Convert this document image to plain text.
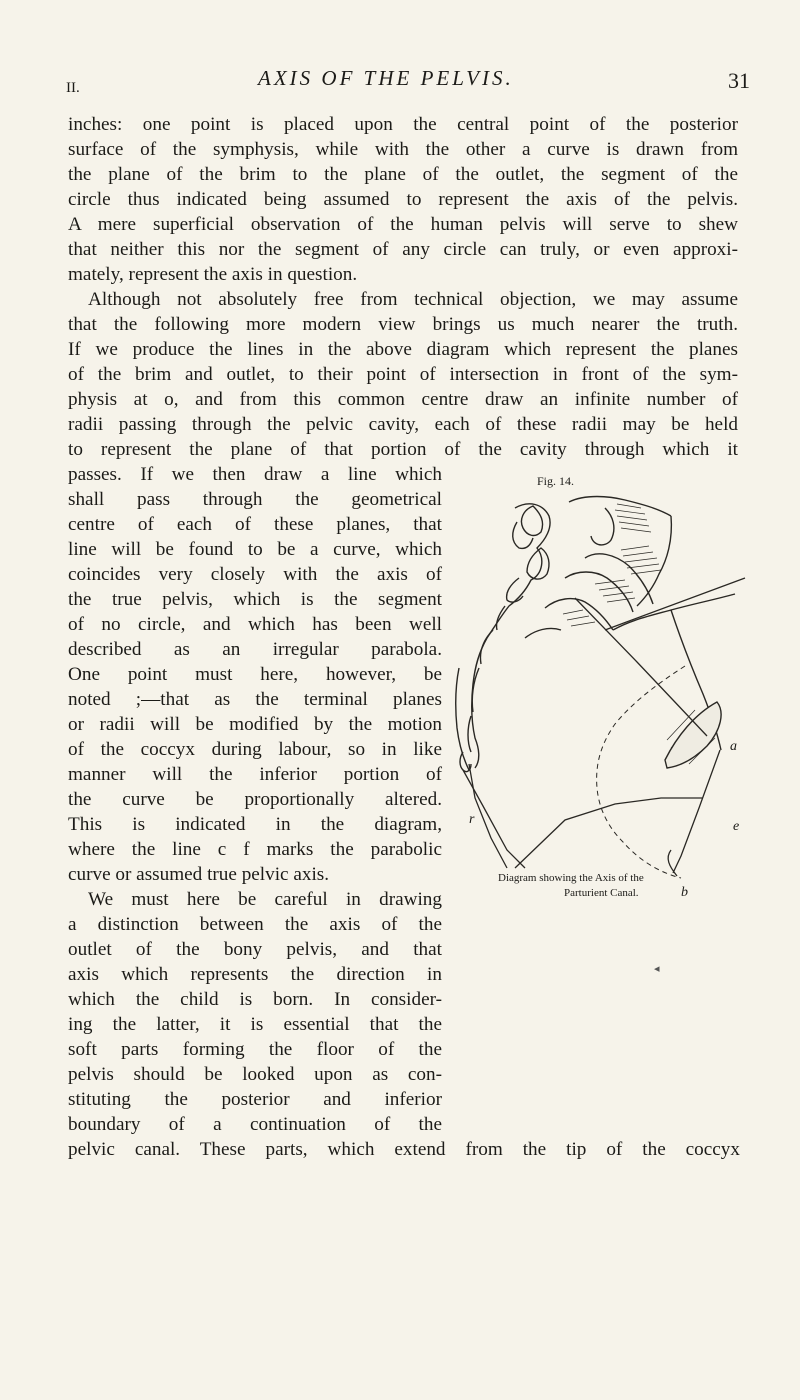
II.	AXIS OF THE PELVIS.	31
inches: one point is placed upon the central point of the posterior
surface of the symphysis, while with the other a curve is drawn from
the plane of the brim to the plane of the outlet, the segment of the
circle thus indicated being assumed to represent the axis of the pelvis.
A mere superficial observation of the human pelvis will serve to shew
that neither this nor the segment of any circle can truly, or even approxi-
mately, represent the axis in question.
Although not absolutely free from technical objection, we may assume
that the following more modern view brings us much nearer the truth.
If we produce the lines in the above diagram which represent the planes
of the brim and outlet, to their point of intersection in front of the sym-
physis at o, and from this common centre draw an infinite number of
radii passing through the pelvic cavity, each of these radii may be held
to represent the plane of that portion of the cavity through which it
passes. If we then draw a line which
shall pass through the geometrical
centre of each of these planes, that
line will be found to be a curve, which
coincides very closely with the axis of
the true pelvis, which is the segment
of no circle, and which has been well
described as an irregular parabola.
One point must here, however, be
noted ;—that as the terminal planes
or radii will be modified by the motion
of the coccyx during labour, so in like
manner will the inferior portion of
the curve be proportionally altered.
This is indicated in the diagram,
where the line c f marks the parabolic
curve or assumed true pelvic axis.
We must here be careful in drawing
a distinction between the axis of the
outlet of the bony pelvis, and that
axis which represents the direction in
which the child is born. In consider-
ing the latter, it is essential that the
soft parts forming the floor of the
pelvis should be looked upon as con-
stituting the posterior and inferior
boundary of a continuation of the
pelvic canal. These parts, which extend from the tip of the coccyx
Fig. 14.
a
e
b
r
Diagram showing the Axis of the
Parturient Canal.
◂
